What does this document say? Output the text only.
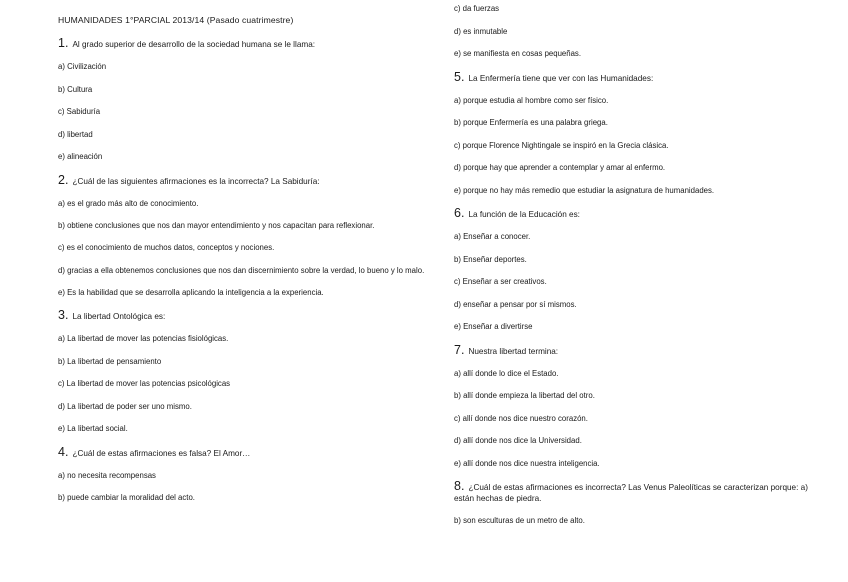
HUMANIDADES 1°PARCIAL 2013/14 (Pasado cuatrimestre)
1. Al grado superior de desarrollo de la sociedad humana se le llama:
a) Civilización
b) Cultura
c) Sabiduría
d) libertad
e) alineación
2. ¿Cuál de las siguientes afirmaciones es la incorrecta? La Sabiduría:
a) es el grado más alto de conocimiento.
b) obtiene conclusiones que nos dan mayor entendimiento y nos capacitan para reflexionar.
c) es el conocimiento de muchos datos, conceptos y nociones.
d) gracias a ella obtenemos conclusiones que nos dan discernimiento sobre la verdad, lo bueno y lo malo.
e) Es la habilidad que se desarrolla aplicando la inteligencia a la experiencia.
3. La libertad Ontológica es:
a) La libertad de mover las potencias fisiológicas.
b) La libertad de pensamiento
c) La libertad de mover las potencias psicológicas
d) La libertad de poder ser uno mismo.
e) La libertad social.
4. ¿Cuál de estas afirmaciones es falsa? El Amor…
a) no necesita recompensas
b) puede cambiar la moralidad del acto.
c) da fuerzas
d) es inmutable
e) se manifiesta en cosas pequeñas.
5. La Enfermería tiene que ver con las Humanidades:
a) porque estudia al hombre como ser físico.
b) porque Enfermería es una palabra griega.
c) porque Florence Nightingale se inspiró en la Grecia clásica.
d) porque hay que aprender a contemplar y amar al enfermo.
e) porque no hay más remedio que estudiar la asignatura de humanidades.
6. La función de la Educación es:
a) Enseñar a conocer.
b) Enseñar deportes.
c) Enseñar a ser creativos.
d) enseñar a pensar por sí mismos.
e) Enseñar a divertirse
7. Nuestra libertad termina:
a) allí donde lo dice el Estado.
b) allí donde empieza la libertad del otro.
c) allí donde nos dice nuestro corazón.
d) allí donde nos dice la Universidad.
e) allí donde nos dice nuestra inteligencia.
8. ¿Cuál de estas afirmaciones es incorrecta? Las Venus Paleolíticas se caracterizan porque: a) están hechas de piedra.
b) son esculturas de un metro de alto.
